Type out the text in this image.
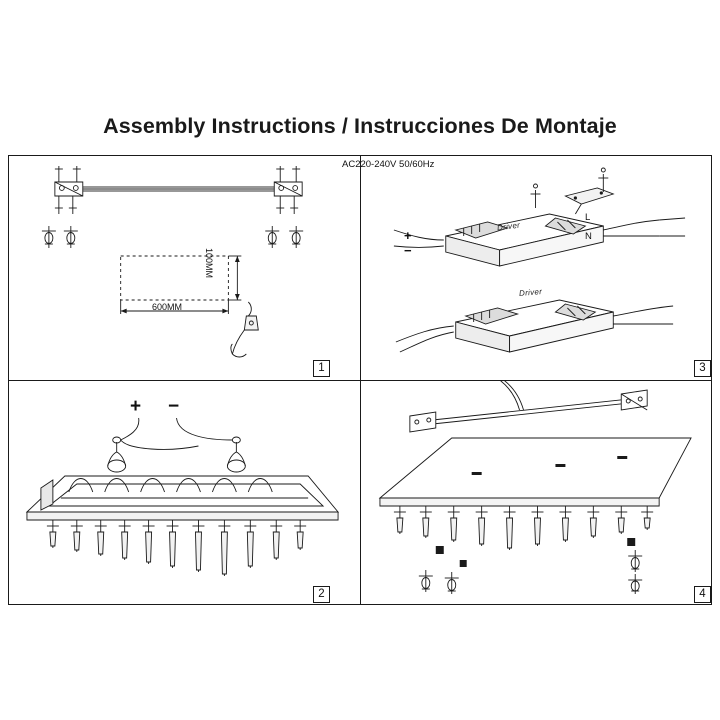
Assembly Instructions / Instrucciones De Montaje
AC220-240V 50/60Hz
600MM
100MM
+ −
+
−
L
N
Driver
Driver
1
2
3
4
